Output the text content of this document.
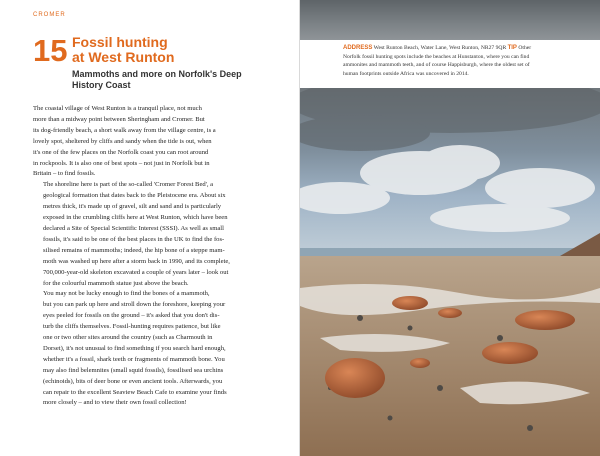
CROMER
15 Fossil hunting
at West Runton
Mammoths and more on Norfolk's Deep
History Coast

The coastal village of West Runton is a tranquil place, not much
more than a midway point between Sheringham and Cromer. But
its dog-friendly beach, a short walk away from the village centre, is a
lovely spot, sheltered by cliffs and sandy when the tide is out, when
it's one of the few places on the Norfolk coast you can root around
in rockpools. It is also one of best spots – not just in Norfolk but in
Britain – to find fossils.

The shoreline here is part of the so-called 'Cromer Forest Bed', a
geological formation that dates back to the Pleistocene era. About six
metres thick, it's made up of gravel, silt and sand and is particularly
exposed in the crumbling cliffs here at West Runton, which have been
declared a Site of Special Scientific Interest (SSSI). As well as small
fossils, it's said to be one of the best places in the UK to find the fos-
silised remains of mammoths; indeed, the hip bone of a steppe mam-
moth was washed up here after a storm back in 1990, and its complete,
700,000-year-old skeleton excavated a couple of years later – look out
for the colourful mammoth statue just above the beach.

You may not be lucky enough to find the bones of a mammoth,
but you can park up here and stroll down the foreshore, keeping your
eyes peeled for fossils on the ground – it's asked that you don't dis-
turb the cliffs themselves. Fossil-hunting requires patience, but like
one or two other sites around the country (such as Charmouth in
Dorset), it's not unusual to find something if you search hard enough,
whether it's a fossil, shark teeth or fragments of mammoth bone. You
may also find belemnites (small squid fossils), fossilised sea urchins
(echinoids), bits of deer bone or even ancient tools. Afterwards, you
can repair to the excellent Seaview Beach Cafe to examine your finds
more closely – and to view their own fossil collection!

ADDRESS West Runton Beach, Water Lane, West Runton, NR27 9QR TIP Other
Norfolk fossil hunting spots include the beaches at Hunstanton, where you can find
ammonites and mammoth teeth, and of course Happisburgh, where the oldest set of
human footprints outside Africa was uncovered in 2014.
